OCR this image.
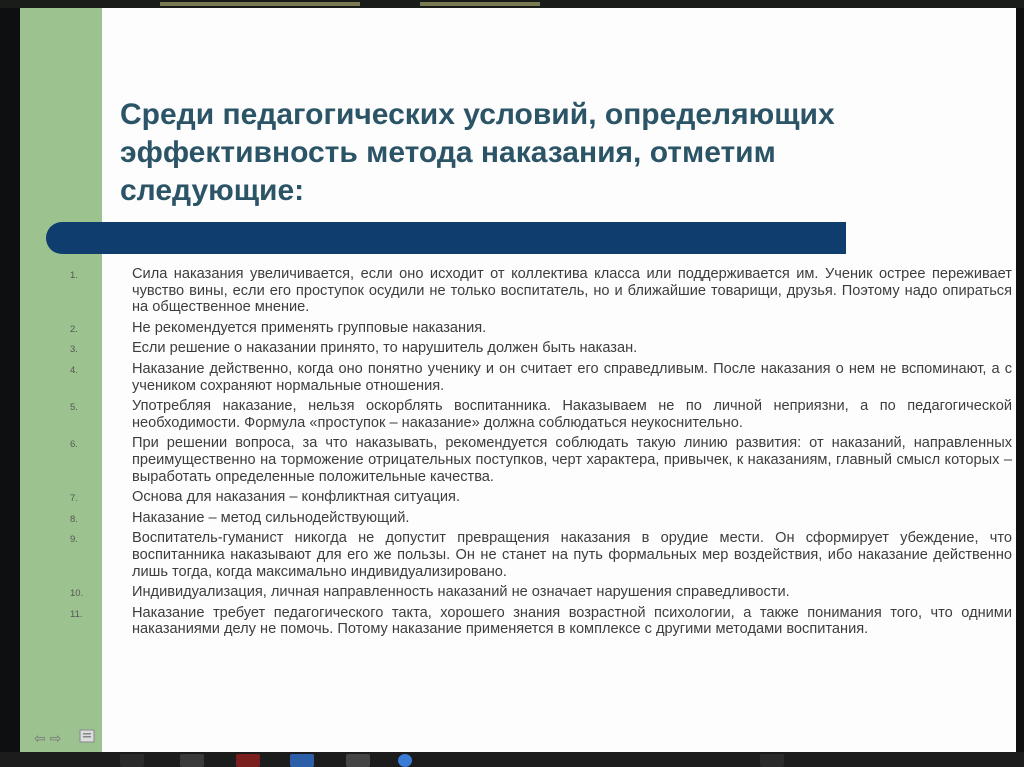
Среди педагогических условий, определяющих
эффективность метода наказания, отметим
следующие:
1.	Сила наказания увеличивается, если оно исходит от коллектива класса или поддерживается им. Ученик острее переживает чувство вины, если его проступок осудили не только воспитатель, но и ближайшие товарищи, друзья. Поэтому надо опираться на общественное мнение.
2.	Не рекомендуется применять групповые наказания.
3.	Если решение о наказании принято, то нарушитель должен быть наказан.
4.	Наказание действенно, когда оно понятно ученику и он считает его справедливым. После наказания о нем не вспоминают, а с учеником сохраняют нормальные отношения.
5.	Употребляя наказание, нельзя оскорблять воспитанника. Наказываем не по личной неприязни, а по педагогической необходимости. Формула «проступок – наказание» должна соблюдаться неукоснительно.
6.	При решении вопроса, за что наказывать, рекомендуется соблюдать такую линию развития: от наказаний, направленных преимущественно на торможение отрицательных поступков, черт характера, привычек, к наказаниям, главный смысл которых – выработать определенные положительные качества.
7.	Основа для наказания – конфликтная ситуация.
8.	Наказание – метод сильнодействующий.
9.	Воспитатель-гуманист никогда не допустит превращения наказания в орудие мести. Он сформирует убеждение, что воспитанника наказывают для его же пользы. Он не станет на путь формальных мер воздействия, ибо наказание действенно лишь тогда, когда максимально индивидуализировано.
10.	Индивидуализация, личная направленность наказаний не означает нарушения справедливости.
11.	Наказание требует педагогического такта, хорошего знания возрастной психологии, а также понимания того, что одними наказаниями делу не помочь. Потому наказание применяется в комплексе с другими методами воспитания.
⇦ ⇨
